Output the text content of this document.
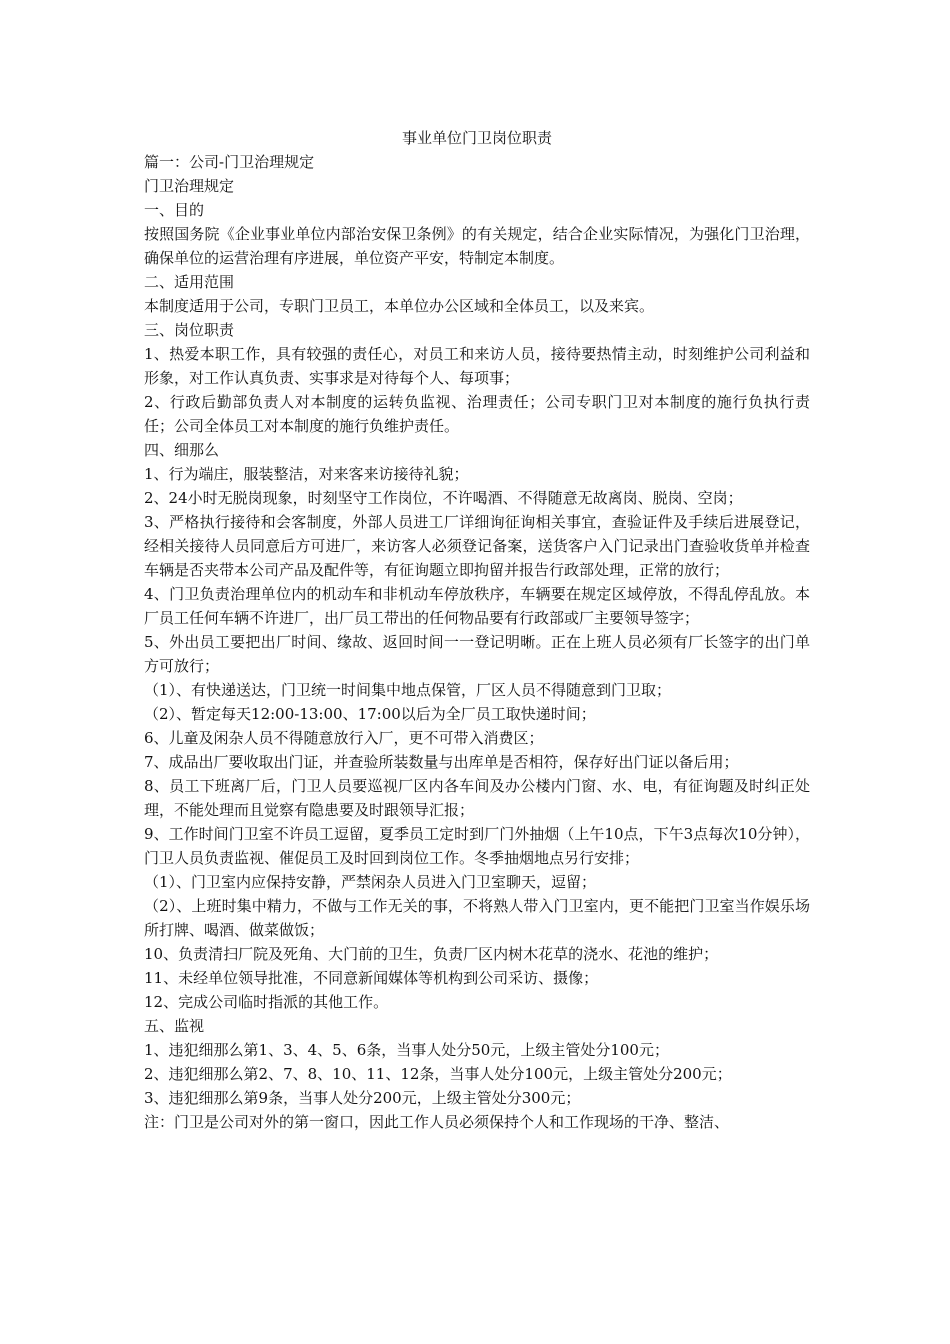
事业单位门卫岗位职责

篇一：公司-门卫治理规定

门卫治理规定

一、目的

按照国务院《企业事业单位内部治安保卫条例》的有关规定，结合企业实际情况，为强化门卫治理，确保单位的运营治理有序进展，单位资产平安，特制定本制度。

二、适用范围

本制度适用于公司，专职门卫员工，本单位办公区域和全体员工，以及来宾。

三、岗位职责

1、热爱本职工作，具有较强的责任心，对员工和来访人员，接待要热情主动，时刻维护公司利益和形象，对工作认真负责、实事求是对待每个人、每项事；

2、行政后勤部负责人对本制度的运转负监视、治理责任；公司专职门卫对本制度的施行负执行责任；公司全体员工对本制度的施行负维护责任。

四、细那么

1、行为端庄，服装整洁，对来客来访接待礼貌；

2、24小时无脱岗现象，时刻坚守工作岗位，不许喝酒、不得随意无故离岗、脱岗、空岗；

3、严格执行接待和会客制度，外部人员进工厂详细询征询相关事宜，查验证件及手续后进展登记，经相关接待人员同意后方可进厂，来访客人必须登记备案，送货客户入门记录出门查验收货单并检查车辆是否夹带本公司产品及配件等，有征询题立即拘留并报告行政部处理，正常的放行；

4、门卫负责治理单位内的机动车和非机动车停放秩序，车辆要在规定区域停放，不得乱停乱放。本厂员工任何车辆不许进厂，出厂员工带出的任何物品要有行政部或厂主要领导签字；

5、外出员工要把出厂时间、缘故、返回时间一一登记明晰。正在上班人员必须有厂长签字的出门单方可放行；

（1）、有快递送达，门卫统一时间集中地点保管，厂区人员不得随意到门卫取；

（2）、暂定每天12:00-13:00、17:00以后为全厂员工取快递时间；

6、儿童及闲杂人员不得随意放行入厂，更不可带入消费区；

7、成品出厂要收取出门证，并查验所装数量与出库单是否相符，保存好出门证以备后用；

8、员工下班离厂后，门卫人员要巡视厂区内各车间及办公楼内门窗、水、电，有征询题及时纠正处理，不能处理而且觉察有隐患要及时跟领导汇报；

9、工作时间门卫室不许员工逗留，夏季员工定时到厂门外抽烟（上午10点，下午3点每次10分钟），门卫人员负责监视、催促员工及时回到岗位工作。冬季抽烟地点另行安排；

（1）、门卫室内应保持安静，严禁闲杂人员进入门卫室聊天，逗留；

（2）、上班时集中精力，不做与工作无关的事，不将熟人带入门卫室内，更不能把门卫室当作娱乐场所打牌、喝酒、做菜做饭；

10、负责清扫厂院及死角、大门前的卫生，负责厂区内树木花草的浇水、花池的维护；

11、未经单位领导批准，不同意新闻媒体等机构到公司采访、摄像；

12、完成公司临时指派的其他工作。

五、监视

1、违犯细那么第1、3、4、5、6条，当事人处分50元，上级主管处分100元；

2、违犯细那么第2、7、8、10、11、12条，当事人处分100元，上级主管处分200元；

3、违犯细那么第9条，当事人处分200元，上级主管处分300元；

注：门卫是公司对外的第一窗口，因此工作人员必须保持个人和工作现场的干净、整洁、
